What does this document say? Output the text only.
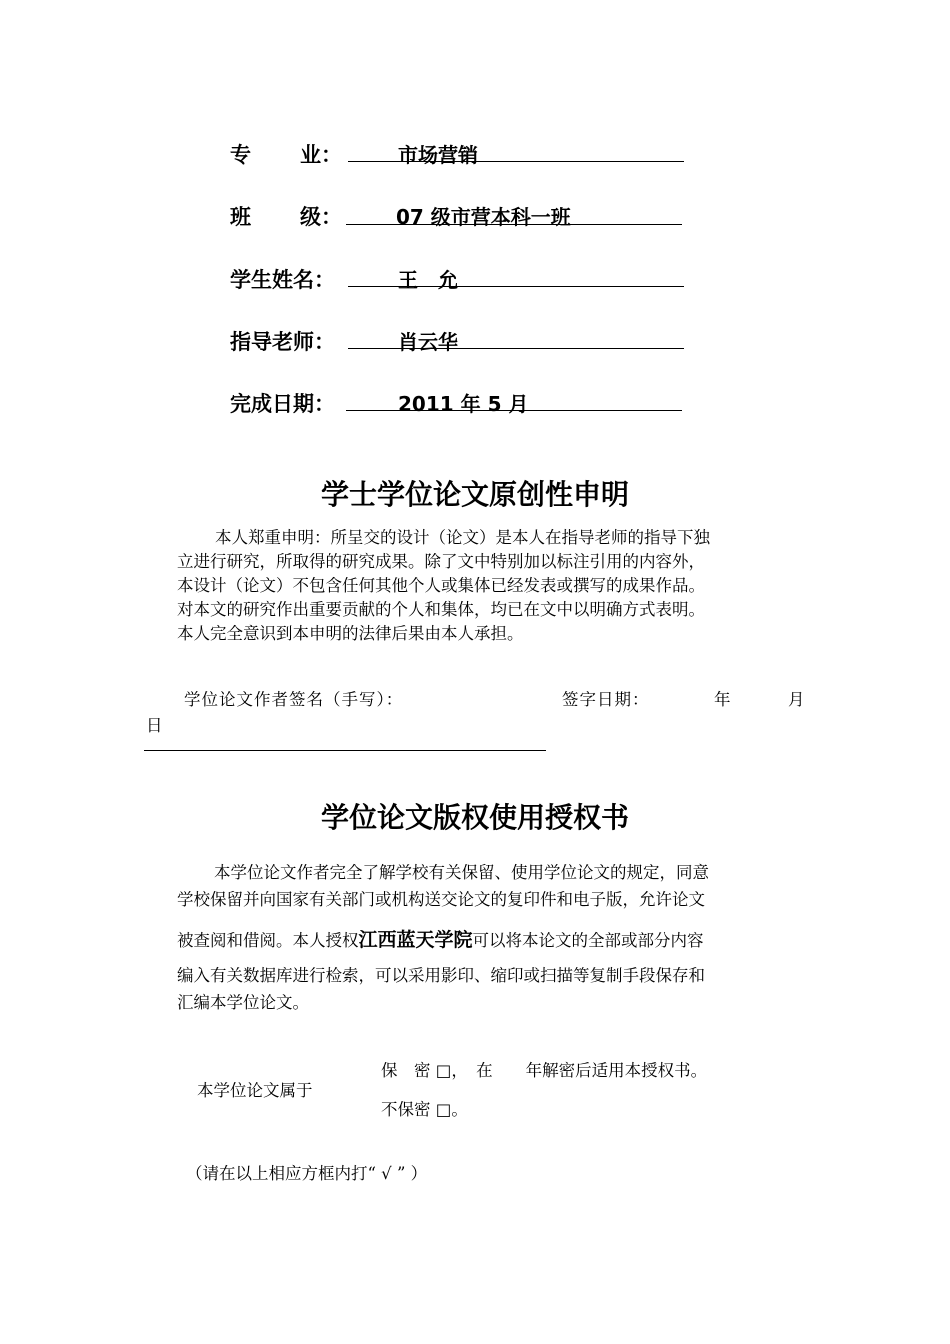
专 业：	市场营销
班 级：	07 级市营本科一班
学生姓名：	王　允
指导老师：	肖云华
完成日期：	2011 年 5 月
学士学位论文原创性申明
本人郑重申明：所呈交的设计（论文）是本人在指导老师的指导下独
立进行研究，所取得的研究成果。除了文中特别加以标注引用的内容外，
本设计（论文）不包含任何其他个人或集体已经发表或撰写的成果作品。
对本文的研究作出重要贡献的个人和集体，均已在文中以明确方式表明。
本人完全意识到本申明的法律后果由本人承担。
学位论文作者签名（手写）：	签字日期：	年	月
日
学位论文版权使用授权书
本学位论文作者完全了解学校有关保留、使用学位论文的规定，同意
学校保留并向国家有关部门或机构送交论文的复印件和电子版，允许论文
被查阅和借阅。本人授权江西蓝天学院可以将本论文的全部或部分内容
编入有关数据库进行检索，可以采用影印、缩印或扫描等复制手段保存和
汇编本学位论文。
本学位论文属于
保　密 □，　在　　年解密后适用本授权书。
不保密 □。
（请在以上相应方框内打“ √ ” ）
